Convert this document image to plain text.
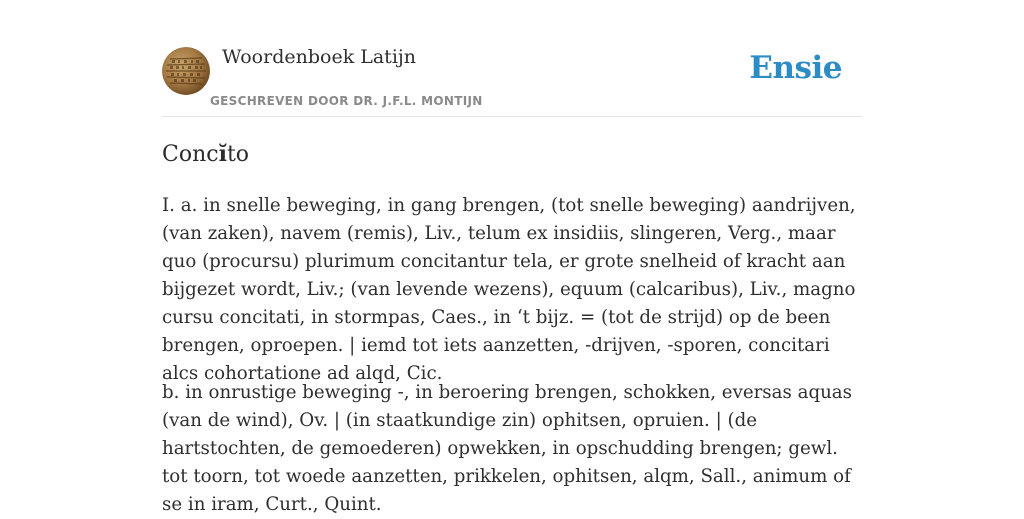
Woordenboek Latijn
GESCHREVEN DOOR DR. J.F.L. MONTIJN
Ensie
Concĭto

I. a. in snelle beweging, in gang brengen, (tot snelle beweging) aandrijven, (van zaken), navem (remis), Liv., telum ex insidiis, slingeren, Verg., maar quo (procursu) plurimum concitantur tela, er grote snelheid of kracht aan bijgezet wordt, Liv.; (van levende wezens), equum (calcaribus), Liv., magno cursu concitati, in stormpas, Caes., in ‘t bijz. = (tot de strijd) op de been brengen, oproepen. | iemd tot iets aanzetten, -drijven, -sporen, concitari alcs cohortatione ad alqd, Cic.

b. in onrustige beweging -, in beroering brengen, schokken, eversas aquas (van de wind), Ov. | (in staatkundige zin) ophitsen, opruien. | (de hartstochten, de gemoederen) opwekken, in opschudding brengen; gewl. tot toorn, tot woede aanzetten, prikkelen, ophitsen, alqm, Sall., animum of se in iram, Curt., Quint.
